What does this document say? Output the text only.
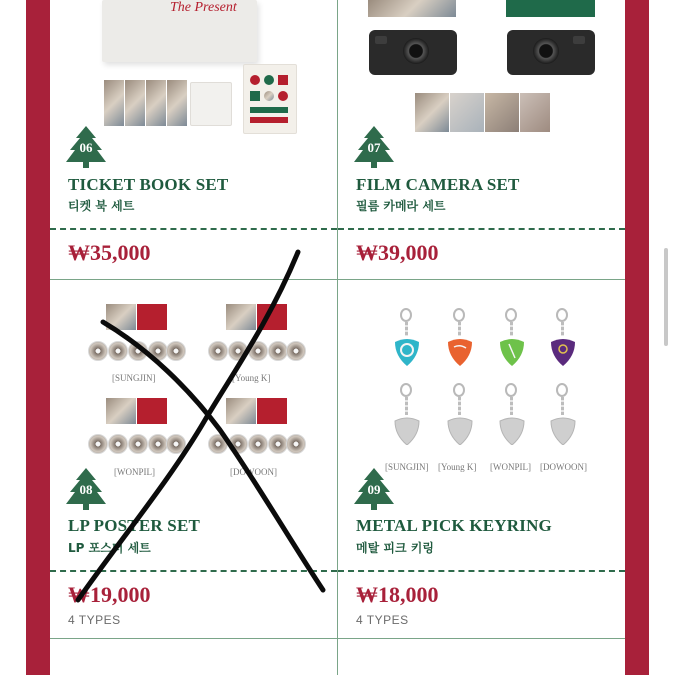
The Present
06
TICKET BOOK SET
티켓 북 세트
₩35,000
07
FILM CAMERA SET
필름 카메라 세트
₩39,000
[SUNGJIN]	[Young K]
[WONPIL]	[DOWOON]
08
LP POSTER SET
LP 포스터 세트
₩19,000
4 TYPES
[SUNGJIN] [Young K] [WONPIL] [DOWOON]
09
METAL PICK KEYRING
메탈 피크 키링
₩18,000
4 TYPES
